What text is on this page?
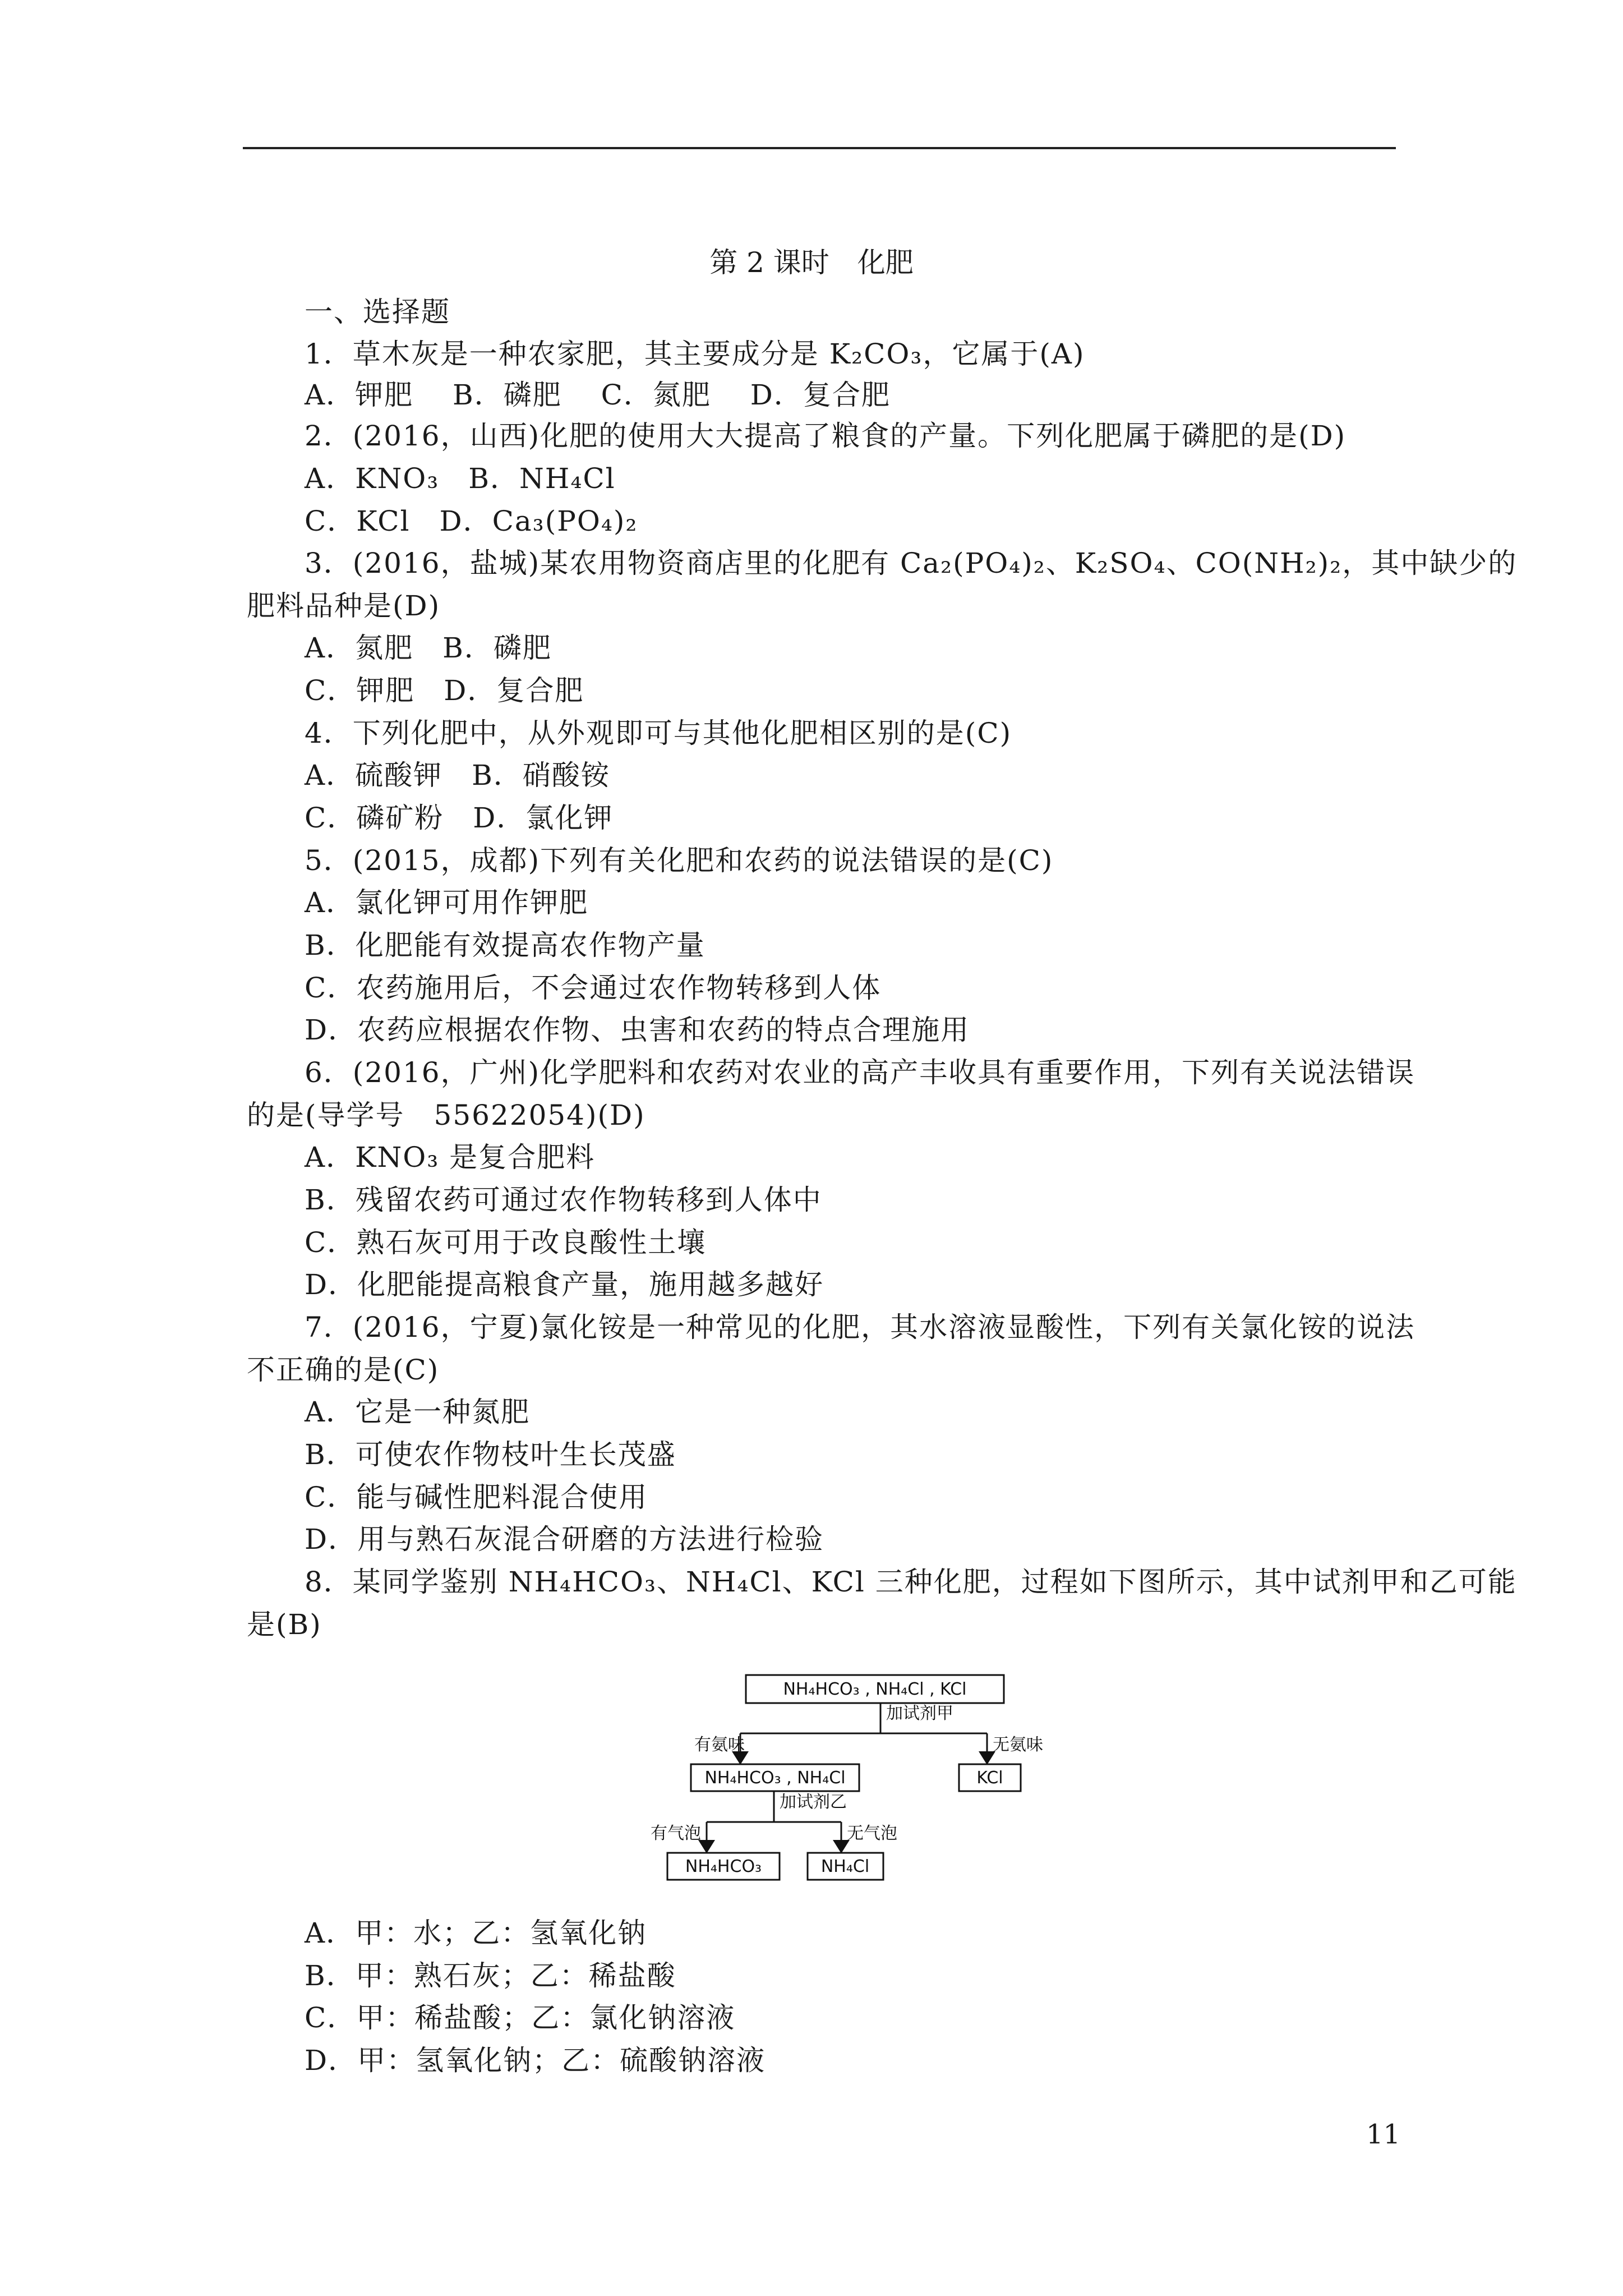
第 2 课时　化肥
一、选择题
1．草木灰是一种农家肥，其主要成分是 K₂CO₃，它属于(A)
A．钾肥　 B．磷肥　 C．氮肥　 D．复合肥
2．(2016，山西)化肥的使用大大提高了粮食的产量。下列化肥属于磷肥的是(D)
A．KNO₃　B．NH₄Cl
C．KCl　D．Ca₃(PO₄)₂
3．(2016，盐城)某农用物资商店里的化肥有 Ca₂(PO₄)₂、K₂SO₄、CO(NH₂)₂，其中缺少的
肥料品种是(D)
A．氮肥　B．磷肥
C．钾肥　D．复合肥
4．下列化肥中，从外观即可与其他化肥相区别的是(C)
A．硫酸钾　B．硝酸铵
C．磷矿粉　D．氯化钾
5．(2015，成都)下列有关化肥和农药的说法错误的是(C)
A．氯化钾可用作钾肥
B．化肥能有效提高农作物产量
C．农药施用后，不会通过农作物转移到人体
D．农药应根据农作物、虫害和农药的特点合理施用
6．(2016，广州)化学肥料和农药对农业的高产丰收具有重要作用，下列有关说法错误
的是(导学号　55622054)(D)
A．KNO₃ 是复合肥料
B．残留农药可通过农作物转移到人体中
C．熟石灰可用于改良酸性土壤
D．化肥能提高粮食产量，施用越多越好
7．(2016，宁夏)氯化铵是一种常见的化肥，其水溶液显酸性，下列有关氯化铵的说法
不正确的是(C)
A．它是一种氮肥
B．可使农作物枝叶生长茂盛
C．能与碱性肥料混合使用
D．用与熟石灰混合研磨的方法进行检验
8．某同学鉴别 NH₄HCO₃、NH₄Cl、KCl 三种化肥，过程如下图所示，其中试剂甲和乙可能
是(B)
A．甲：水；乙：氢氧化钠
B．甲：熟石灰；乙：稀盐酸
C．甲：稀盐酸；乙：氯化钠溶液
D．甲：氢氧化钠；乙：硫酸钠溶液
NH₄HCO₃ , NH₄Cl , KCl
加试剂甲
有氨味	无氨味
NH₄HCO₃ , NH₄Cl	KCl
加试剂乙
有气泡	无气泡
NH₄HCO₃	NH₄Cl
11
